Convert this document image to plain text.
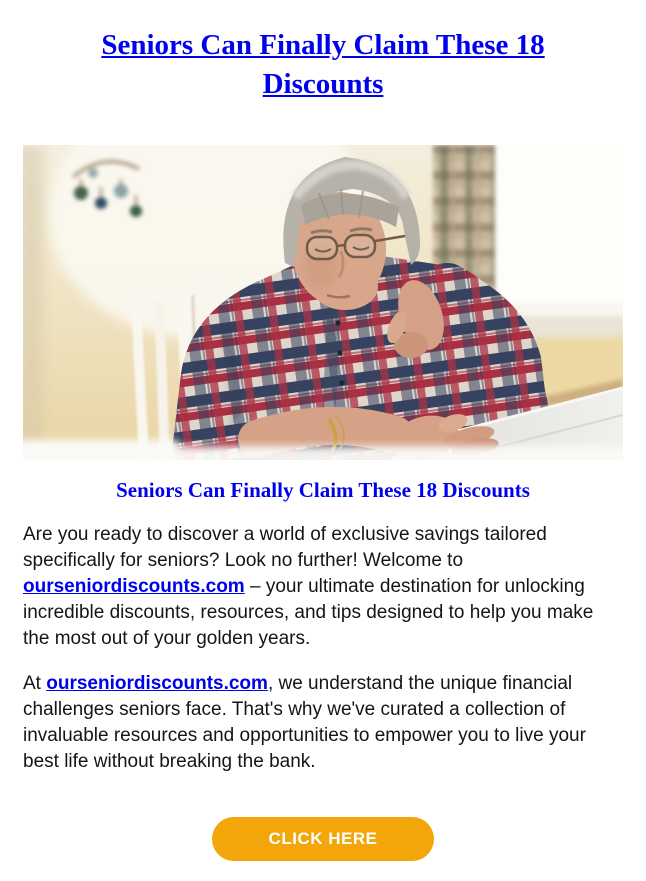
Seniors Can Finally Claim These 18 Discounts
Seniors Can Finally Claim These 18 Discounts

Are you ready to discover a world of exclusive savings tailored specifically for seniors? Look no further! Welcome to ourseniordiscounts.com – your ultimate destination for unlocking incredible discounts, resources, and tips designed to help you make the most out of your golden years.

At ourseniordiscounts.com, we understand the unique financial challenges seniors face. That's why we've curated a collection of invaluable resources and opportunities to empower you to live your best life without breaking the bank.

CLICK HERE
